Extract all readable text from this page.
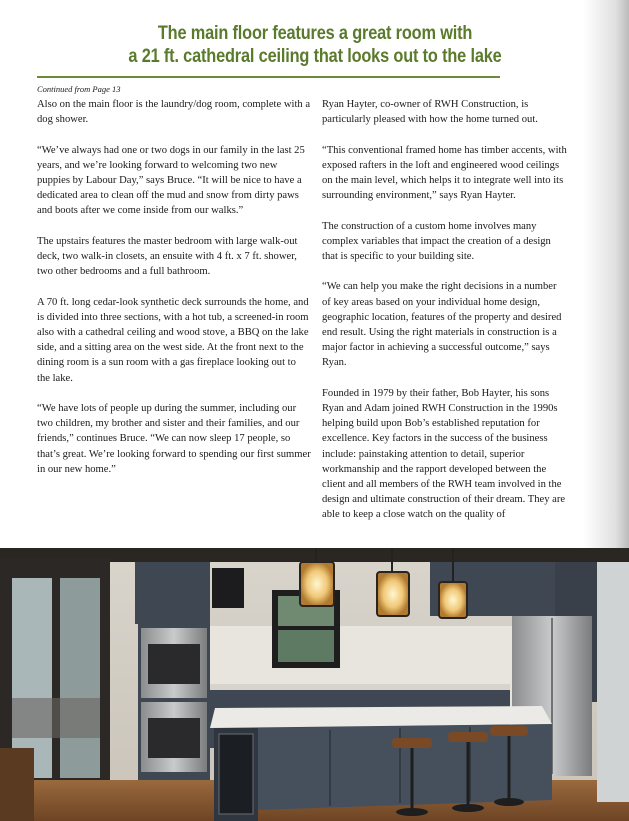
The main floor features a great room with
a 21 ft. cathedral ceiling that looks out to the lake
Continued from Page 13

Also on the main floor is the laundry/dog room, complete with a dog shower.

“We’ve always had one or two dogs in our family in the last 25 years, and we’re looking forward to welcoming two new puppies by Labour Day,” says Bruce. “It will be nice to have a dedicated area to clean off the mud and snow from dirty paws and boots after we come inside from our walks.”

The upstairs features the master bedroom with large walk-out deck, two walk-in closets, an ensuite with 4 ft. x 7 ft. shower, two other bedrooms and a full bathroom.

A 70 ft. long cedar-look synthetic deck surrounds the home, and is divided into three sections, with a hot tub, a screened-in room also with a cathedral ceiling and wood stove, a BBQ on the lake side, and a sitting area on the west side. At the front next to the dining room is a sun room with a gas fireplace looking out to the lake.

“We have lots of people up during the summer, including our two children, my brother and sister and their families, and our friends,” continues Bruce. “We can now sleep 17 people, so that’s great. We’re looking forward to spending our first summer in our new home.”

Ryan Hayter, co-owner of RWH Construction, is particularly pleased with how the home turned out.

“This conventional framed home has timber accents, with exposed rafters in the loft and engineered wood ceilings on the main level, which helps it to integrate well into its surrounding environment,” says Ryan Hayter.

The construction of a custom home involves many complex variables that impact the creation of a design that is specific to your building site.

“We can help you make the right decisions in a number of key areas based on your individual home design, geographic location, features of the property and desired end result. Using the right materials in construction is a major factor in achieving a successful outcome,” says Ryan.

Founded in 1979 by their father, Bob Hayter, his sons Ryan and Adam joined RWH Construction in the 1990s helping build upon Bob’s established reputation for excellence. Key factors in the success of the business include: painstaking attention to detail, superior workmanship and the rapport developed between the client and all members of the RWH team involved in the design and ultimate construction of their dream. They are able to keep a close watch on the quality of
